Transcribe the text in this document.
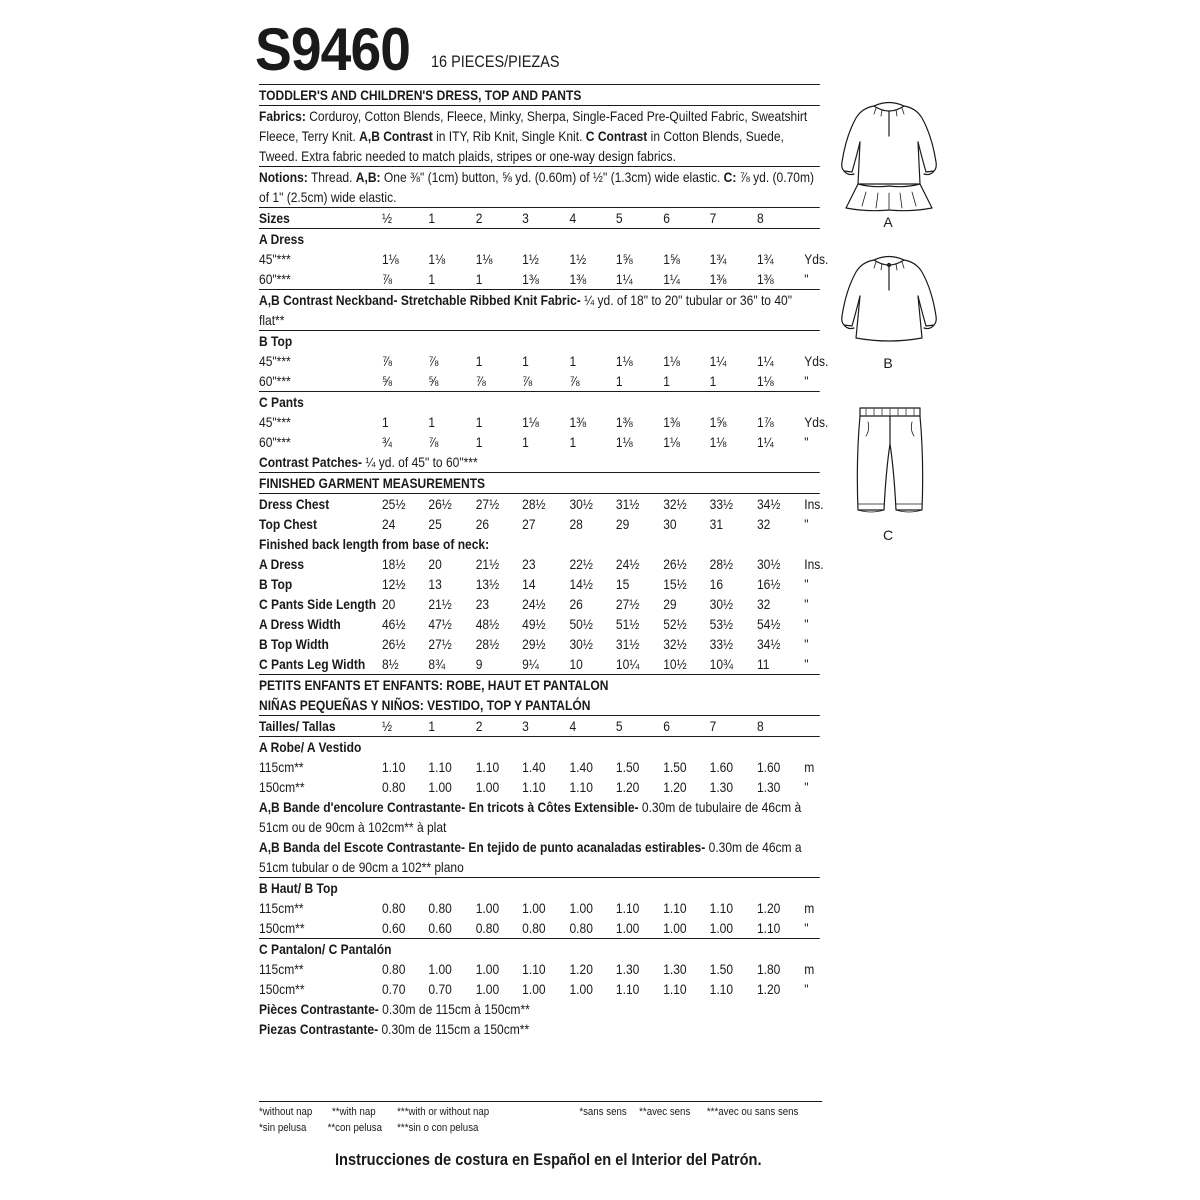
S9460 16 PIECES/PIEZAS
TODDLER'S AND CHILDREN'S DRESS, TOP AND PANTS

Fabrics: Corduroy, Cotton Blends, Fleece, Minky, Sherpa, Single-Faced Pre-Quilted Fabric, Sweatshirt Fleece, Terry Knit. A,B Contrast in ITY, Rib Knit, Single Knit. C Contrast in Cotton Blends, Suede, Tweed. Extra fabric needed to match plaids, stripes or one-way design fabrics.

Notions: Thread. A,B: One ⅜" (1cm) button, ⅝ yd. (0.60m) of ½" (1.3cm) wide elastic. C: ⅞ yd. (0.70m) of 1" (2.5cm) wide elastic.

Sizes	½	1	2	3	4	5	6	7	8
A Dress
45"***	1⅛ 1⅛ 1⅛ 1½ 1½ 1⅝ 1⅝ 1¾ 1¾ Yds.
60"***	⅞	1	1	1⅜ 1⅜ 1¼ 1¼ 1⅜ 1⅜ "

A,B Contrast Neckband- Stretchable Ribbed Knit Fabric- ¼ yd. of 18" to 20" tubular or 36" to 40" flat**

B Top
45"***	⅞	⅞	1	1	1	1⅛ 1⅛ 1¼ 1¼ Yds.
60"***	⅝	⅝	⅞	⅞	⅞	1	1	1	1⅛ "
C Pants
45"***	1	1	1	1⅛ 1⅜ 1⅜ 1⅜ 1⅝ 1⅞ Yds.
60"***	¾	⅞	1	1	1	1⅛ 1⅛ 1⅛ 1¼ "
Contrast Patches- ¼ yd. of 45" to 60"***
FINISHED GARMENT MEASUREMENTS
Dress Chest	25½ 26½ 27½ 28½ 30½ 31½ 32½ 33½ 34½ Ins.
Top Chest	24 25 26 27 28 29 30 31 32 "
Finished back length from base of neck:
A Dress	18½ 20 21½ 23 22½ 24½ 26½ 28½ 30½ Ins.
B Top	12½ 13 13½ 14 14½ 15 15½ 16 16½ "
C Pants Side Length 20 21½ 23 24½ 26 27½ 29 30½ 32 "
A Dress Width	46½ 47½ 48½ 49½ 50½ 51½ 52½ 53½ 54½ "
B Top Width	26½ 27½ 28½ 29½ 30½ 31½ 32½ 33½ 34½ "
C Pants Leg Width 8½ 8¾ 9	9¼ 10 10¼ 10½ 10¾ 11 "
PETITS ENFANTS ET ENFANTS: ROBE, HAUT ET PANTALON
NIÑAS PEQUEÑAS Y NIÑOS: VESTIDO, TOP Y PANTALÓN
Tailles/ Tallas	½	1	2	3	4	5	6	7	8
A Robe/ A Vestido
115cm**	1.10 1.10 1.10 1.40 1.40 1.50 1.50 1.60 1.60 m
150cm**	0.80 1.00 1.00 1.10 1.10 1.20 1.20 1.30 1.30 "

A,B Bande d'encolure Contrastante- En tricots à Côtes Extensible- 0.30m de tubulaire de 46cm à 51cm ou de 90cm à 102cm** à plat

A,B Banda del Escote Contrastante- En tejido de punto acanaladas estirables- 0.30m de 46cm a 51cm tubular o de 90cm a 102** plano

B Haut/ B Top
115cm**	0.80 0.80 1.00 1.00 1.00 1.10 1.10 1.10 1.20 m
150cm**	0.60 0.60 0.80 0.80 0.80 1.00 1.00 1.00 1.10 "
C Pantalon/ C Pantalón
115cm**	0.80 1.00 1.00 1.10 1.20 1.30 1.30 1.50 1.80 m
150cm**	0.70 0.70 1.00 1.00 1.00 1.10 1.10 1.10 1.20 "
Pièces Contrastante- 0.30m de 115cm à 150cm**
Piezas Contrastante- 0.30m de 115cm a 150cm**
A
B
C
*without nap **with nap ***with or without nap	*sans sens **avec sens ***avec ou sans sens
*sin pelusa **con pelusa ***sin o con pelusa
Instrucciones de costura en Español en el Interior del Patrón.
